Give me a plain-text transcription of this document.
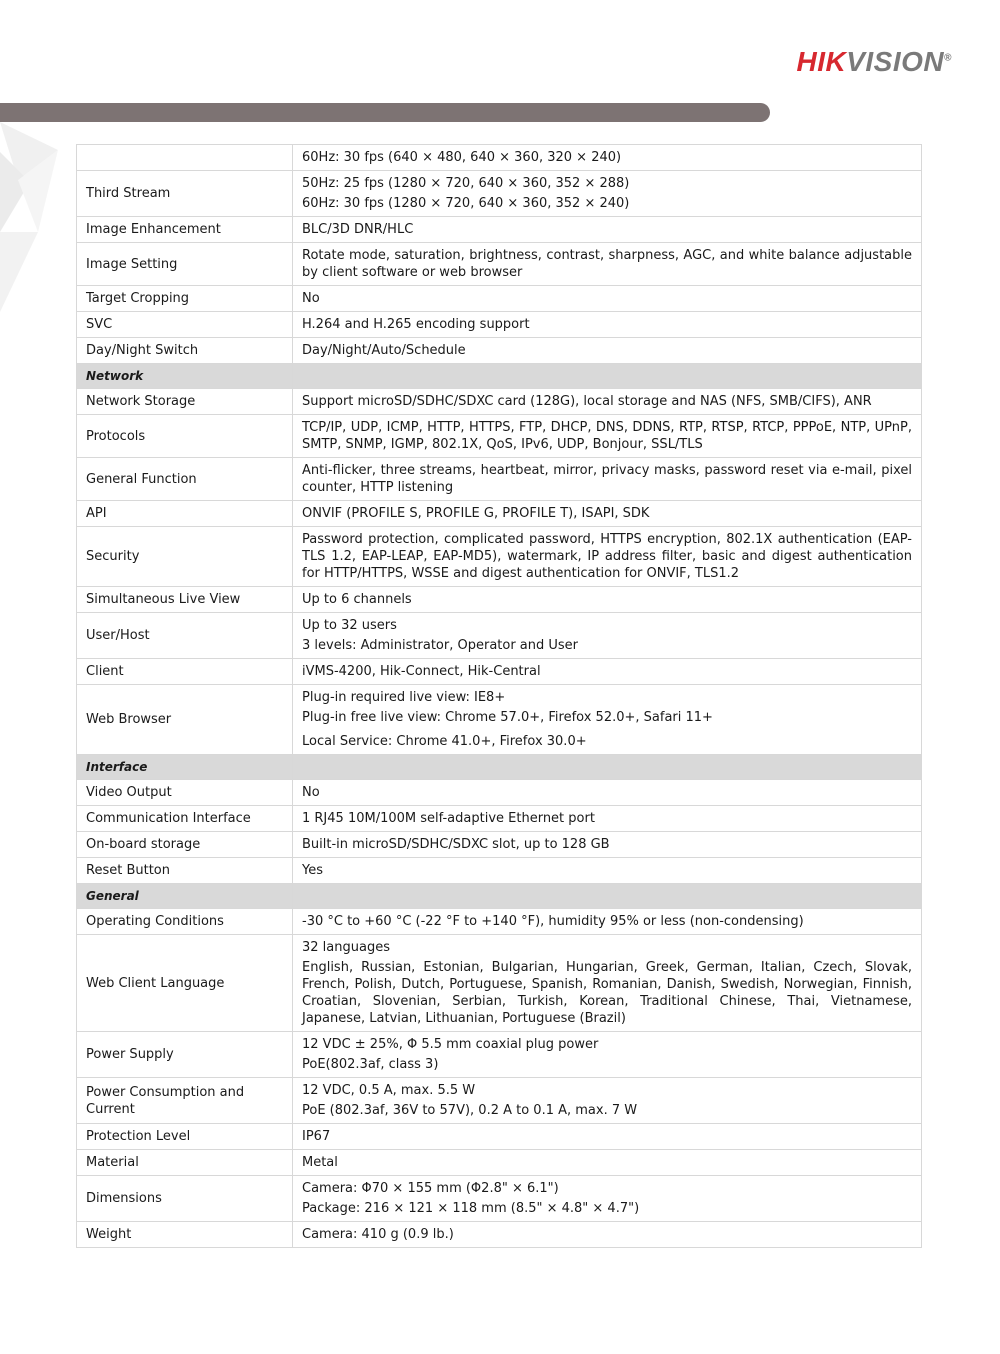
HIKVISION®
	60Hz: 30 fps (640 × 480, 640 × 360, 320 × 240)
Third Stream	50Hz: 25 fps (1280 × 720, 640 × 360, 352 × 288)
60Hz: 30 fps (1280 × 720, 640 × 360, 352 × 240)

Image Enhancement	BLC/3D DNR/HLC
Image Setting	Rotate mode, saturation, brightness, contrast, sharpness, AGC, and white balance adjustable by client software or web browser
Target Cropping	No
SVC	H.264 and H.265 encoding support
Day/Night Switch	Day/Night/Auto/Schedule
Network	
Network Storage	Support microSD/SDHC/SDXC card (128G), local storage and NAS (NFS, SMB/CIFS), ANR
Protocols	TCP/IP, UDP, ICMP, HTTP, HTTPS, FTP, DHCP, DNS, DDNS, RTP, RTSP, RTCP, PPPoE, NTP, UPnP, SMTP, SNMP, IGMP, 802.1X, QoS, IPv6, UDP, Bonjour, SSL/TLS
General Function	Anti-flicker, three streams, heartbeat, mirror, privacy masks, password reset via e-mail, pixel counter, HTTP listening
API	ONVIF (PROFILE S, PROFILE G, PROFILE T), ISAPI, SDK
Security	Password protection, complicated password, HTTPS encryption, 802.1X authentication (EAP-TLS 1.2, EAP-LEAP, EAP-MD5), watermark, IP address filter, basic and digest authentication for HTTP/HTTPS, WSSE and digest authentication for ONVIF, TLS1.2
Simultaneous Live View	Up to 6 channels
User/Host	Up to 32 users
3 levels: Administrator, Operator and User

Client	iVMS-4200, Hik-Connect, Hik-Central
Web Browser	Plug-in required live view: IE8+
Plug-in free live view: Chrome 57.0+, Firefox 52.0+, Safari 11+
Local Service: Chrome 41.0+, Firefox 30.0+

Interface	
Video Output	No
Communication Interface	1 RJ45 10M/100M self-adaptive Ethernet port
On-board storage	Built-in microSD/SDHC/SDXC slot, up to 128 GB
Reset Button	Yes
General	
Operating Conditions	-30 °C to +60 °C (-22 °F to +140 °F), humidity 95% or less (non-condensing)
Web Client Language	32 languages
English, Russian, Estonian, Bulgarian, Hungarian, Greek, German, Italian, Czech, Slovak, French, Polish, Dutch, Portuguese, Spanish, Romanian, Danish, Swedish, Norwegian, Finnish, Croatian, Slovenian, Serbian, Turkish, Korean, Traditional Chinese, Thai, Vietnamese, Japanese, Latvian, Lithuanian, Portuguese (Brazil)

Power Supply	12 VDC ± 25%, Φ 5.5 mm coaxial plug power
PoE(802.3af, class 3)

Power Consumption and Current	12 VDC, 0.5 A, max. 5.5 W
PoE (802.3af, 36V to 57V), 0.2 A to 0.1 A, max. 7 W

Protection Level	IP67
Material	Metal
Dimensions	Camera: Φ70 × 155 mm (Φ2.8" × 6.1")
Package: 216 × 121 × 118 mm (8.5" × 4.8" × 4.7")

Weight	Camera: 410 g (0.9 lb.)
